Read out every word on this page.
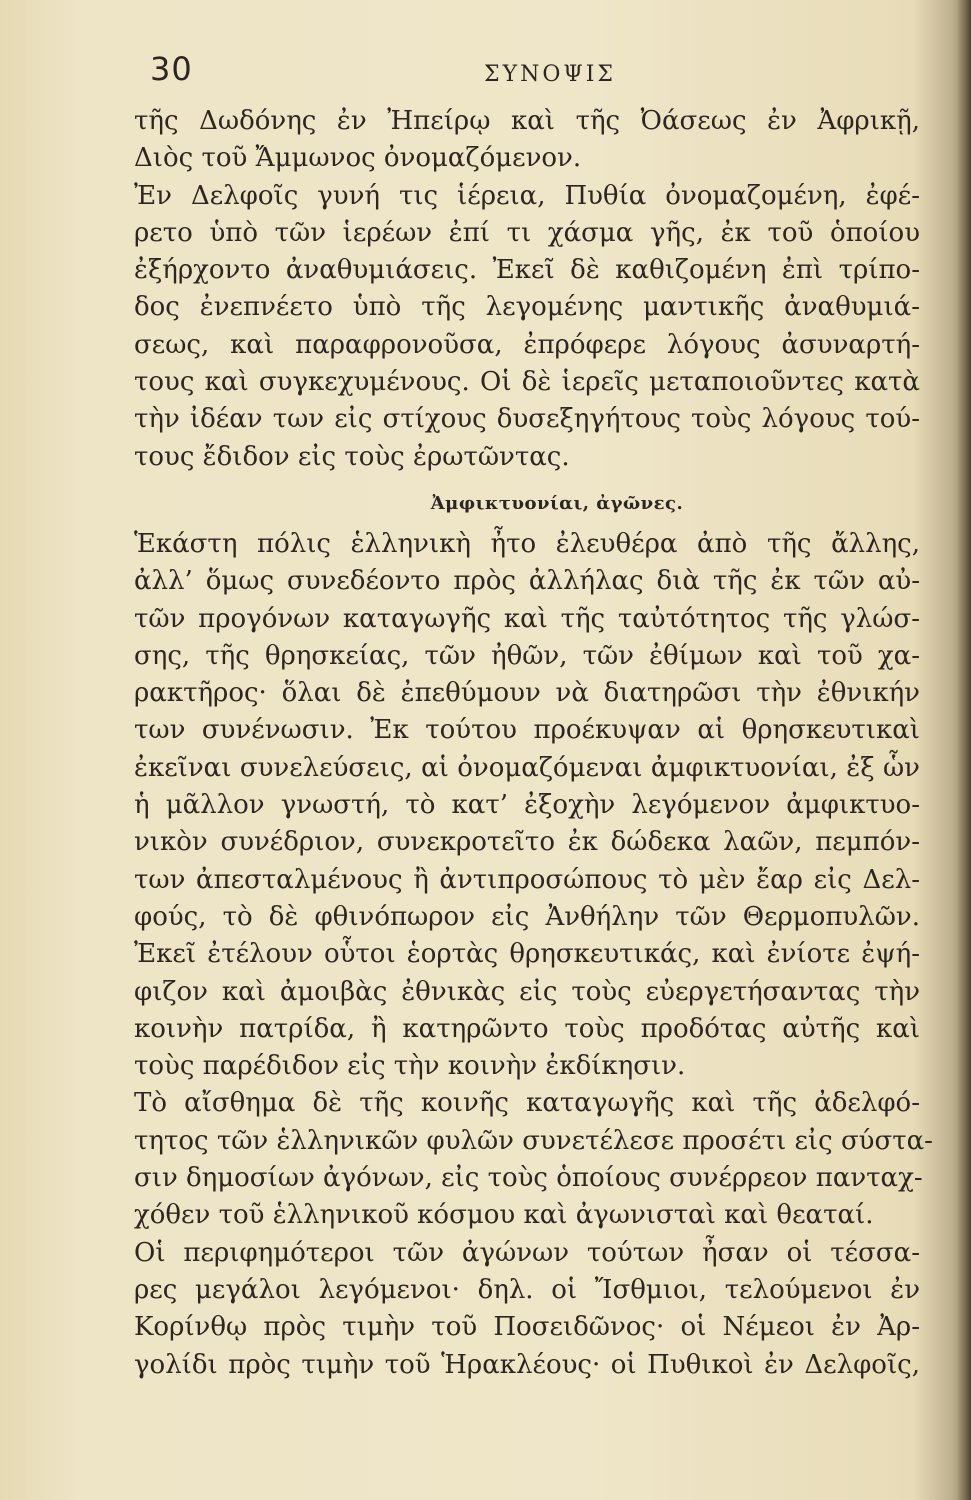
30	ΣΥΝΟΨΙΣ
τῆς Δωδόνης ἐν Ἠπείρῳ καὶ τῆς Ὀάσεως ἐν Ἀφρικῇ,
Διὸς τοῦ Ἄμμωνος ὀνομαζόμενον.
Ἐν Δελφοῖς γυνή τις ἱέρεια, Πυθία ὀνομαζομένη, ἐφέ-
ρετο ὑπὸ τῶν ἱερέων ἐπί τι χάσμα γῆς, ἐκ τοῦ ὁποίου
ἐξήρχοντο ἀναθυμιάσεις. Ἐκεῖ δὲ καθιζομένη ἐπὶ τρίπο-
δος ἐνεπνέετο ὑπὸ τῆς λεγομένης μαντικῆς ἀναθυμιά-
σεως, καὶ παραφρονοῦσα, ἐπρόφερε λόγους ἀσυναρτή-
τους καὶ συγκεχυμένους. Οἱ δὲ ἱερεῖς μεταποιοῦντες κατὰ
τὴν ἰδέαν των εἰς στίχους δυσεξηγήτους τοὺς λόγους τού-
τους ἔδιδον εἰς τοὺς ἐρωτῶντας.
Ἀμφικτυονίαι, ἀγῶνες.
Ἑκάστη πόλις ἑλληνικὴ ἦτο ἐλευθέρα ἀπὸ τῆς ἄλλης,
ἀλλ’ ὅμως συνεδέοντο πρὸς ἀλλήλας διὰ τῆς ἐκ τῶν αὐ-
τῶν προγόνων καταγωγῆς καὶ τῆς ταὐτότητος τῆς γλώσ-
σης, τῆς θρησκείας, τῶν ἠθῶν, τῶν ἐθίμων καὶ τοῦ χα-
ρακτῆρος· ὅλαι δὲ ἐπεθύμουν νὰ διατηρῶσι τὴν ἐθνικήν
των συνένωσιν. Ἐκ τούτου προέκυψαν αἱ θρησκευτικαὶ
ἐκεῖναι συνελεύσεις, αἱ ὀνομαζόμεναι ἀμφικτυονίαι, ἐξ ὧν
ἡ μᾶλλον γνωστή, τὸ κατ’ ἐξοχὴν λεγόμενον ἀμφικτυο-
νικὸν συνέδριον, συνεκροτεῖτο ἐκ δώδεκα λαῶν, πεμπόν-
των ἀπεσταλμένους ἢ ἀντιπροσώπους τὸ μὲν ἔαρ εἰς Δελ-
φούς, τὸ δὲ φθινόπωρον εἰς Ἀνθήλην τῶν Θερμοπυλῶν.
Ἐκεῖ ἐτέλουν οὗτοι ἑορτὰς θρησκευτικάς, καὶ ἐνίοτε ἐψή-
φιζον καὶ ἀμοιβὰς ἐθνικὰς εἰς τοὺς εὐεργετήσαντας τὴν
κοινὴν πατρίδα, ἢ κατηρῶντο τοὺς προδότας αὐτῆς καὶ
τοὺς παρέδιδον εἰς τὴν κοινὴν ἐκδίκησιν.
Τὸ αἴσθημα δὲ τῆς κοινῆς καταγωγῆς καὶ τῆς ἀδελφό-
τητος τῶν ἑλληνικῶν φυλῶν συνετέλεσε προσέτι εἰς σύστα-
σιν δημοσίων ἀγόνων, εἰς τοὺς ὁποίους συνέρρεον πανταχ-
χόθεν τοῦ ἑλληνικοῦ κόσμου καὶ ἀγωνισταὶ καὶ θεαταί.
Οἱ περιφημότεροι τῶν ἀγώνων τούτων ἦσαν οἱ τέσσα-
ρες μεγάλοι λεγόμενοι· δηλ. οἱ Ἴσθμιοι, τελούμενοι ἐν
Κορίνθῳ πρὸς τιμὴν τοῦ Ποσειδῶνος· οἱ Νέμεοι ἐν Ἀρ-
γολίδι πρὸς τιμὴν τοῦ Ἡρακλέους· οἱ Πυθικοὶ ἐν Δελφοῖς,
